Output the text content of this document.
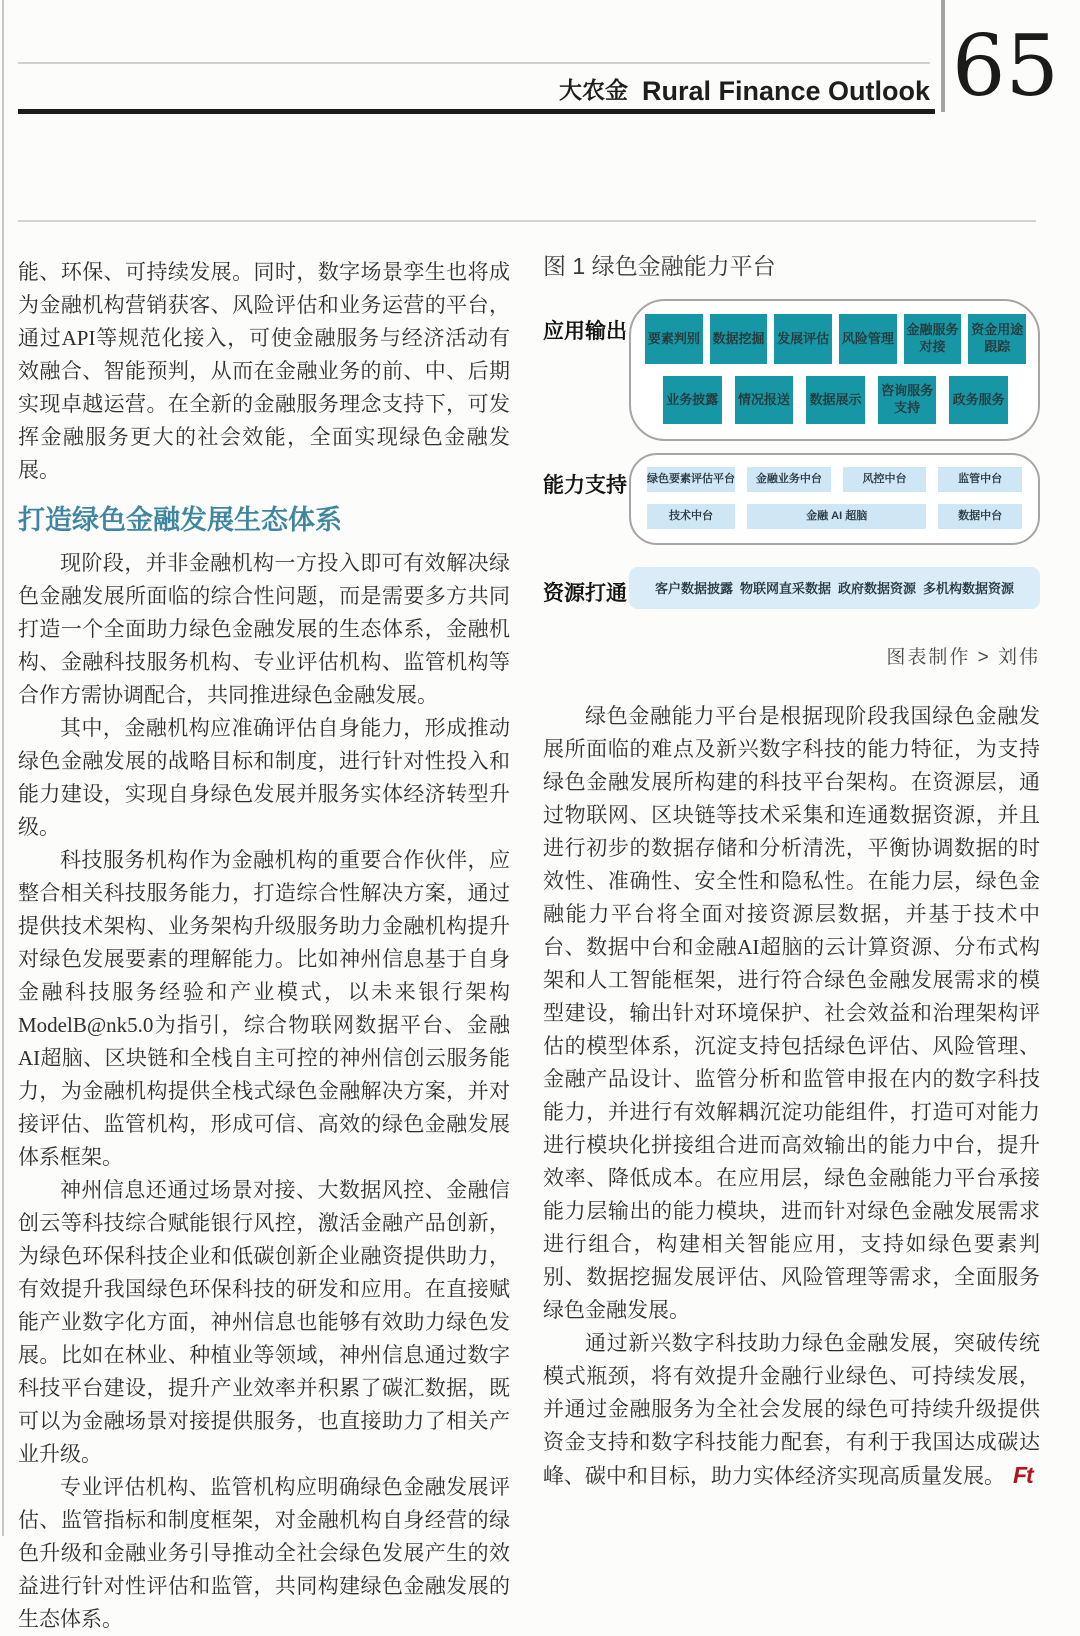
大农金 Rural Finance Outlook 65

能、环保、可持续发展。同时，数字场景孪生也将成为金融机构营销获客、风险评估和业务运营的平台，通过API等规范化接入，可使金融服务与经济活动有效融合、智能预判，从而在金融业务的前、中、后期实现卓越运营。在全新的金融服务理念支持下，可发挥金融服务更大的社会效能，全面实现绿色金融发展。

打造绿色金融发展生态体系

现阶段，并非金融机构一方投入即可有效解决绿色金融发展所面临的综合性问题，而是需要多方共同打造一个全面助力绿色金融发展的生态体系，金融机构、金融科技服务机构、专业评估机构、监管机构等合作方需协调配合，共同推进绿色金融发展。

其中，金融机构应准确评估自身能力，形成推动绿色金融发展的战略目标和制度，进行针对性投入和能力建设，实现自身绿色发展并服务实体经济转型升级。

科技服务机构作为金融机构的重要合作伙伴，应整合相关科技服务能力，打造综合性解决方案，通过提供技术架构、业务架构升级服务助力金融机构提升对绿色发展要素的理解能力。比如神州信息基于自身金融科技服务经验和产业模式，以未来银行架构ModelB@nk5.0为指引，综合物联网数据平台、金融AI超脑、区块链和全栈自主可控的神州信创云服务能力，为金融机构提供全栈式绿色金融解决方案，并对接评估、监管机构，形成可信、高效的绿色金融发展体系框架。

神州信息还通过场景对接、大数据风控、金融信创云等科技综合赋能银行风控，激活金融产品创新，为绿色环保科技企业和低碳创新企业融资提供助力，有效提升我国绿色环保科技的研发和应用。在直接赋能产业数字化方面，神州信息也能够有效助力绿色发展。比如在林业、种植业等领域，神州信息通过数字科技平台建设，提升产业效率并积累了碳汇数据，既可以为金融场景对接提供服务，也直接助力了相关产业升级。

专业评估机构、监管机构应明确绿色金融发展评估、监管指标和制度框架，对金融机构自身经营的绿色升级和金融业务引导推动全社会绿色发展产生的效益进行针对性评估和监管，共同构建绿色金融发展的生态体系。

图 1 绿色金融能力平台
应用输出 要素判别 数据挖掘 发展评估 风险管理
金融服务对接
资金用途跟踪
业务披露 情况报送 数据展示
咨询服务支持
政务服务
能力支持 绿色要素评估平台	金融业务中台	风控中台	监管中台
技术中台	金融 AI 超脑	数据中台
资源打通 客户数据披露 物联网直采数据 政府数据资源 多机构数据资源
图表制作 > 刘伟

绿色金融能力平台是根据现阶段我国绿色金融发展所面临的难点及新兴数字科技的能力特征，为支持绿色金融发展所构建的科技平台架构。在资源层，通过物联网、区块链等技术采集和连通数据资源，并且进行初步的数据存储和分析清洗，平衡协调数据的时效性、准确性、安全性和隐私性。在能力层，绿色金融能力平台将全面对接资源层数据，并基于技术中台、数据中台和金融AI超脑的云计算资源、分布式构架和人工智能框架，进行符合绿色金融发展需求的模型建设，输出针对环境保护、社会效益和治理架构评估的模型体系，沉淀支持包括绿色评估、风险管理、金融产品设计、监管分析和监管申报在内的数字科技能力，并进行有效解耦沉淀功能组件，打造可对能力进行模块化拼接组合进而高效输出的能力中台，提升效率、降低成本。在应用层，绿色金融能力平台承接能力层输出的能力模块，进而针对绿色金融发展需求进行组合，构建相关智能应用，支持如绿色要素判别、数据挖掘发展评估、风险管理等需求，全面服务绿色金融发展。

通过新兴数字科技助力绿色金融发展，突破传统模式瓶颈，将有效提升金融行业绿色、可持续发展，并通过金融服务为全社会发展的绿色可持续升级提供资金支持和数字科技能力配套，有利于我国达成碳达峰、碳中和目标，助力实体经济实现高质量发展。 Ft
